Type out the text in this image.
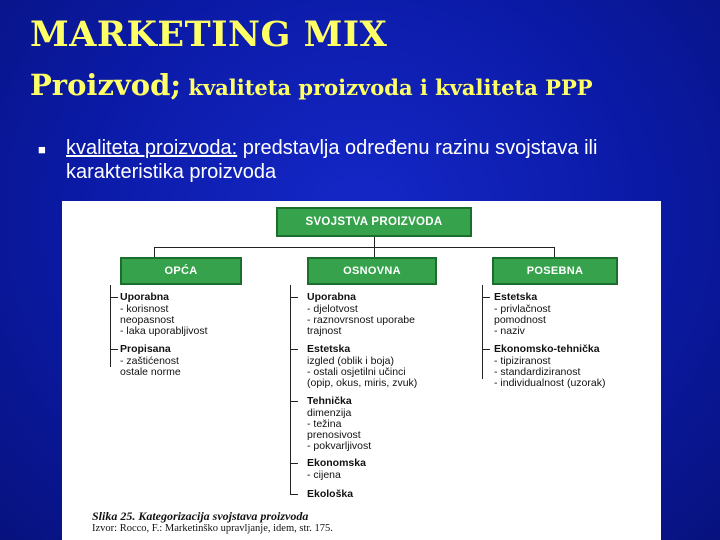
MARKETING MIX
Proizvod; kvaliteta proizvoda i kvaliteta PPP
■ kvaliteta proizvoda: predstavlja određenu razinu svojstava ili karakteristika proizvoda
SVOJSTVA PROIZVODA
OPĆA	OSNOVNA	POSEBNA
Uporabna
- korisnost
neopasnost
- laka uporabljivost
Propisana
- zaštićenost
ostale norme
Uporabna
- djelotvost
- raznovrsnost uporabe
trajnost
Estetska
izgled (oblik i boja)
- ostali osjetilni učinci
(opip, okus, miris, zvuk)
Tehnička
dimenzija
- težina
prenosivost
- pokvarljivost
Ekonomska
- cijena
Ekološka
Estetska
- privlačnost
pomodnost
- naziv
Ekonomsko-tehnička
- tipiziranost
- standardiziranost
- individualnost (uzorak)
Slika 25. Kategorizacija svojstava proizvoda
Izvor: Rocco, F.: Marketinško upravljanje, idem, str. 175.
